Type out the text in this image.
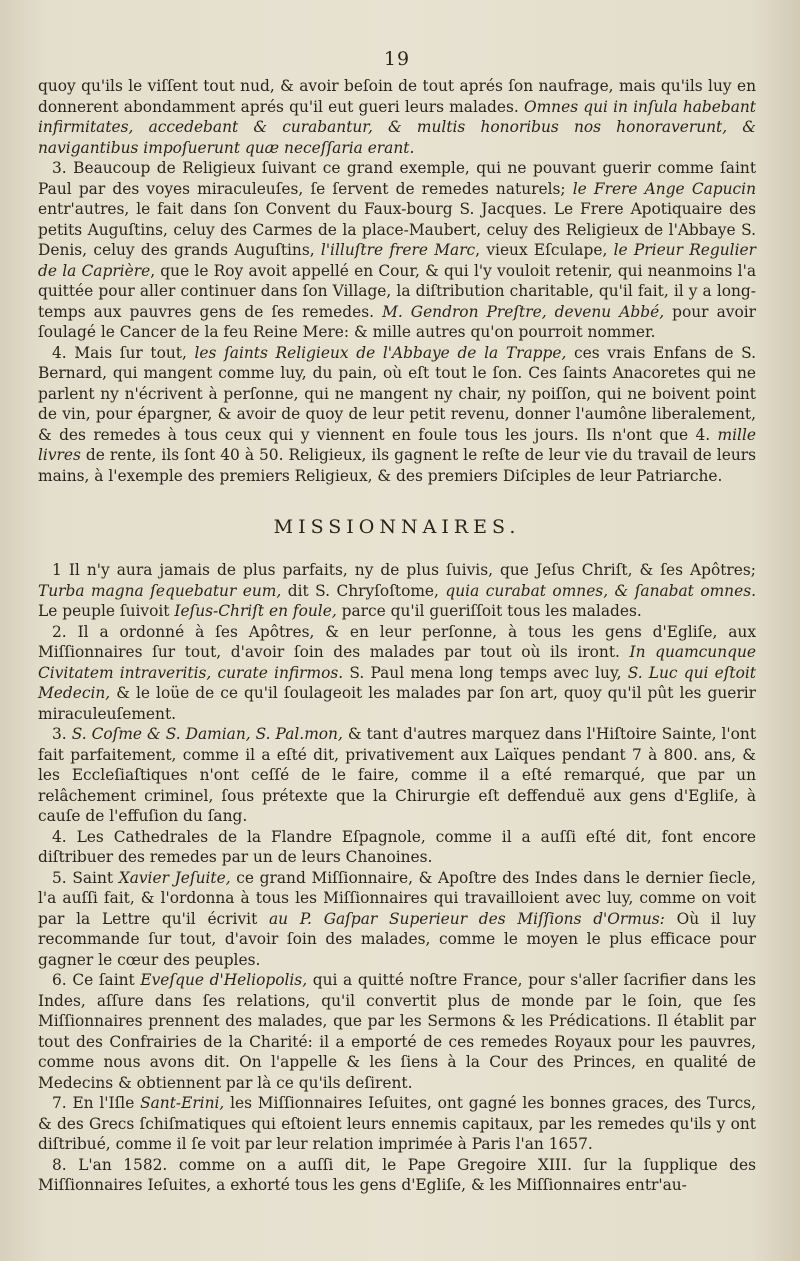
19

quoy qu'ils le viſſent tout nud, & avoir beſoin de tout aprés ſon naufrage, mais qu'ils luy en donnerent abondamment aprés qu'il eut gueri leurs malades. Omnes qui in inſula habebant infirmitates, accedebant & curabantur, & multis honoribus nos honoraverunt, & navigantibus impoſuerunt quæ neceſſaria erant.

3. Beaucoup de Religieux ſuivant ce grand exemple, qui ne pouvant guerir comme ſaint Paul par des voyes miraculeuſes, ſe ſervent de remedes naturels; le Frere Ange Capucin entr'autres, le fait dans ſon Convent du Faux-bourg S. Jacques. Le Frere Apotiquaire des petits Auguſtins, celuy des Carmes de la place-Maubert, celuy des Religieux de l'Abbaye S. Denis, celuy des grands Auguſtins, l'illuſtre frere Marc, vieux Eſculape, le Prieur Regulier de la Caprière, que le Roy avoit appellé en Cour, & qui l'y vouloit retenir, qui neanmoins l'a quittée pour aller continuer dans ſon Village, la diſtribution charitable, qu'il fait, il y a long-temps aux pauvres gens de ſes remedes. M. Gendron Preſtre, devenu Abbé, pour avoir ſoulagé le Cancer de la feu Reine Mere: & mille autres qu'on pourroit nommer.

4. Mais ſur tout, les ſaints Religieux de l'Abbaye de la Trappe, ces vrais Enfans de S. Bernard, qui mangent comme luy, du pain, où eſt tout le ſon. Ces ſaints Anacoretes qui ne parlent ny n'écrivent à perſonne, qui ne mangent ny chair, ny poiſſon, qui ne boivent point de vin, pour épargner, & avoir de quoy de leur petit revenu, donner l'aumône liberalement, & des remedes à tous ceux qui y viennent en foule tous les jours. Ils n'ont que 4. mille livres de rente, ils ſont 40 à 50. Religieux, ils gagnent le reſte de leur vie du travail de leurs mains, à l'exemple des premiers Religieux, & des premiers Diſciples de leur Patriarche.

MISSIONNAIRES.

1 Il n'y aura jamais de plus parfaits, ny de plus ſuivis, que Jeſus Chriſt, & ſes Apôtres; Turba magna ſequebatur eum, dit S. Chryſoſtome, quia curabat omnes, & ſanabat omnes. Le peuple ſuivoit Ieſus-Chriſt en foule, parce qu'il gueriſſoit tous les malades.

2. Il a ordonné à ſes Apôtres, & en leur perſonne, à tous les gens d'Egliſe, aux Miſſionnaires ſur tout, d'avoir ſoin des malades par tout où ils iront. In quamcunque Civitatem intraveritis, curate infirmos. S. Paul mena long temps avec luy, S. Luc qui eſtoit Medecin, & le loüe de ce qu'il ſoulageoit les malades par ſon art, quoy qu'il pût les guerir miraculeuſement.

3. S. Coſme & S. Damian, S. Pal.mon, & tant d'autres marquez dans l'Hiſtoire Sainte, l'ont fait parfaitement, comme il a eſté dit, privativement aux Laïques pendant 7 à 800. ans, & les Eccleſiaſtiques n'ont ceſſé de le faire, comme il a eſté remarqué, que par un relâchement criminel, ſous prétexte que la Chirurgie eſt deffenduë aux gens d'Egliſe, à cauſe de l'effuſion du ſang.

4. Les Cathedrales de la Flandre Eſpagnole, comme il a auſſi eſté dit, font encore diſtribuer des remedes par un de leurs Chanoines.

5. Saint Xavier Jeſuite, ce grand Miſſionnaire, & Apoſtre des Indes dans le dernier ſiecle, l'a auſſi fait, & l'ordonna à tous les Miſſionnaires qui travailloient avec luy, comme on voit par la Lettre qu'il écrivit au P. Gaſpar Superieur des Miſſions d'Ormus: Où il luy recommande ſur tout, d'avoir ſoin des malades, comme le moyen le plus efficace pour gagner le cœur des peuples.

6. Ce ſaint Eveſque d'Heliopolis, qui a quitté noſtre France, pour s'aller ſacrifier dans les Indes, aſſure dans ſes relations, qu'il convertit plus de monde par le ſoin, que ſes Miſſionnaires prennent des malades, que par les Sermons & les Prédications. Il établit par tout des Confrairies de la Charité: il a emporté de ces remedes Royaux pour les pauvres, comme nous avons dit. On l'appelle & les ſiens à la Cour des Princes, en qualité de Medecins & obtiennent par là ce qu'ils deſirent.

7. En l'Iſle Sant-Erini, les Miſſionnaires Ieſuites, ont gagné les bonnes graces, des Turcs, & des Grecs ſchiſmatiques qui eſtoient leurs ennemis capitaux, par les remedes qu'ils y ont diſtribué, comme il ſe voit par leur relation imprimée à Paris l'an 1657.

8. L'an 1582. comme on a auſſi dit, le Pape Gregoire XIII. ſur la ſupplique des Miſſionnaires Ieſuites, a exhorté tous les gens d'Egliſe, & les Miſſionnaires entr'au-
